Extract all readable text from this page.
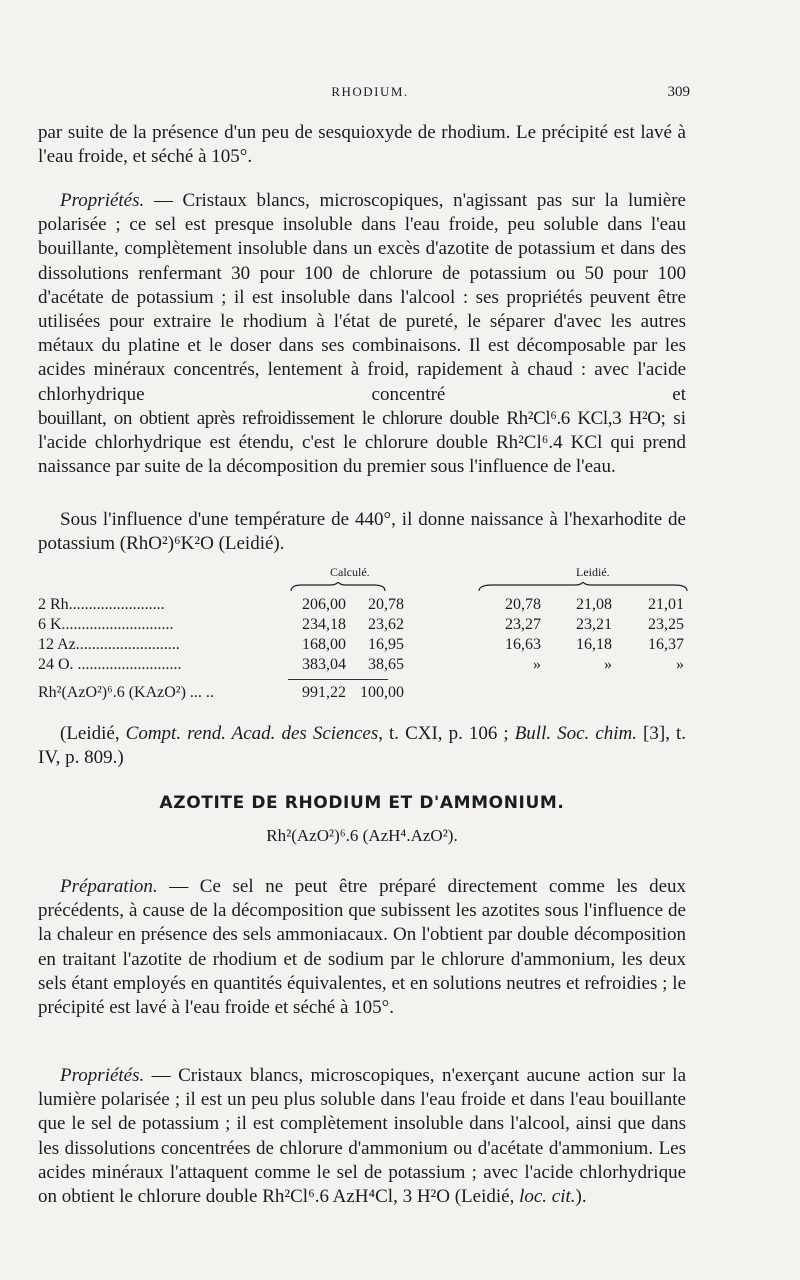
RHODIUM.	309

par suite de la présence d'un peu de sesquioxyde de rhodium. Le précipité est lavé à l'eau froide, et séché à 105°.

Propriétés. — Cristaux blancs, microscopiques, n'agissant pas sur la lumière polarisée ; ce sel est presque insoluble dans l'eau froide, peu soluble dans l'eau bouillante, complètement insoluble dans un excès d'azotite de potassium et dans des dissolutions renfermant 30 pour 100 de chlorure de potassium ou 50 pour 100 d'acétate de potassium ; il est insoluble dans l'alcool : ses propriétés peuvent être utilisées pour extraire le rhodium à l'état de pureté, le séparer d'avec les autres métaux du platine et le doser dans ses combinaisons. Il est décomposable par les acides minéraux concentrés, lentement à froid, rapidement à chaud : avec l'acide chlorhydrique concentré et bouillant, on obtient après refroidissement le chlorure double Rh²Cl⁶.6 KCl,3 H²O; si l'acide chlorhydrique est étendu, c'est le chlorure double Rh²Cl⁶.4 KCl qui prend naissance par suite de la décomposition du premier sous l'influence de l'eau.

Sous l'influence d'une température de 440°, il donne naissance à l'hexarhodite de potassium (RhO²)⁶K²O (Leidié).

Calculé.	Leidié.
2 Rh........................	206,00	20,78	20,78	21,08	21,01
6 K............................	234,18	23,62	23,27	23,21	23,25
12 Az..........................	168,00	16,95	16,63	16,18	16,37
24 O. ..........................	383,04	38,65	»	»	»
Rh²(AzO²)⁶.6 (KAzO²) ... ..	991,22 100,00

(Leidié, Compt. rend. Acad. des Sciences, t. CXI, p. 106 ; Bull. Soc. chim. [3], t. IV, p. 809.)

AZOTITE DE RHODIUM ET D'AMMONIUM.
Rh²(AzO²)⁶.6 (AzH⁴.AzO²).

Préparation. — Ce sel ne peut être préparé directement comme les deux précédents, à cause de la décomposition que subissent les azotites sous l'influence de la chaleur en présence des sels ammoniacaux. On l'obtient par double décomposition en traitant l'azotite de rhodium et de sodium par le chlorure d'ammonium, les deux sels étant employés en quantités équivalentes, et en solutions neutres et refroidies ; le précipité est lavé à l'eau froide et séché à 105°.

Propriétés. — Cristaux blancs, microscopiques, n'exerçant aucune action sur la lumière polarisée ; il est un peu plus soluble dans l'eau froide et dans l'eau bouillante que le sel de potassium ; il est complètement insoluble dans l'alcool, ainsi que dans les dissolutions concentrées de chlorure d'ammonium ou d'acétate d'ammonium. Les acides minéraux l'attaquent comme le sel de potassium ; avec l'acide chlorhydrique on obtient le chlorure double Rh²Cl⁶.6 AzH⁴Cl, 3 H²O (Leidié, loc. cit.).
